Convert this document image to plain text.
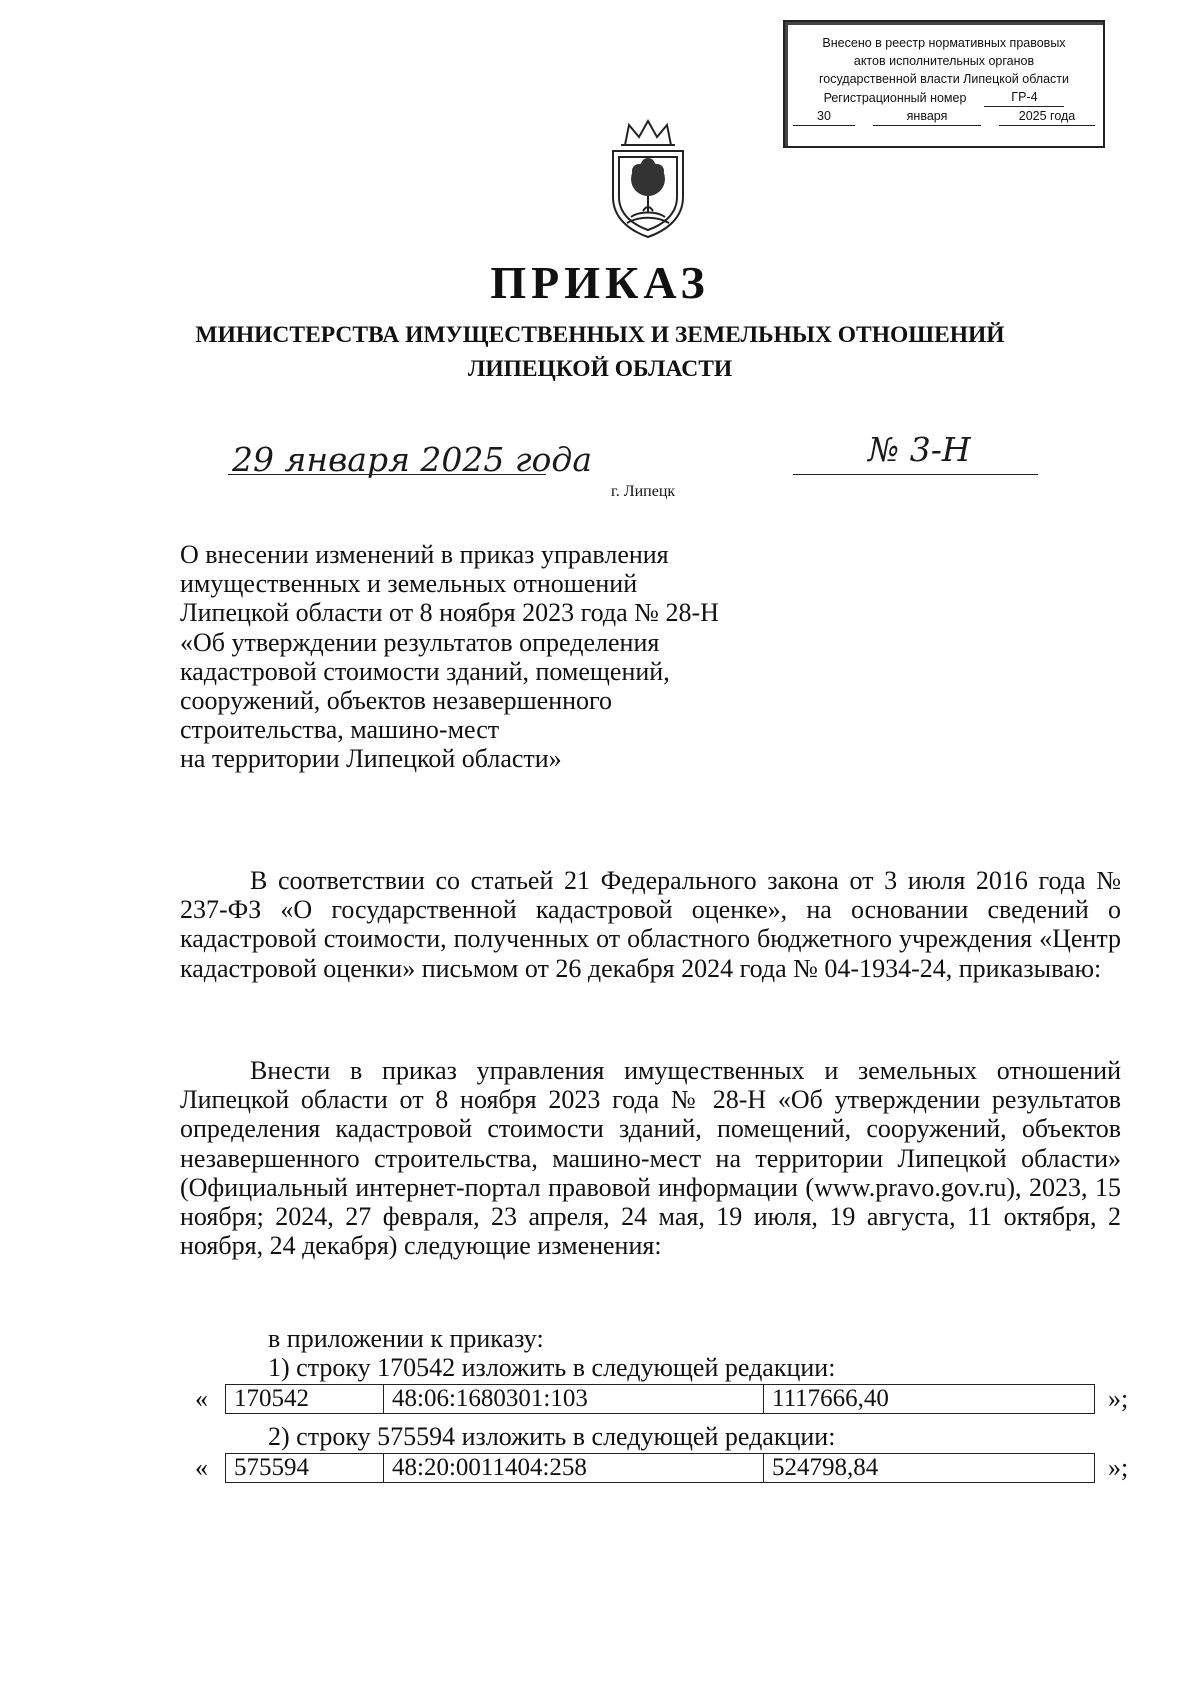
Внесено в реестр нормативных правовых
актов исполнительных органов
государственной власти Липецкой области
Регистрационный номер	ГР-4
30	января	2025 года
ПРИКАЗ
МИНИСТЕРСТВА ИМУЩЕСТВЕННЫХ И ЗЕМЕЛЬНЫХ ОТНОШЕНИЙ
ЛИПЕЦКОЙ ОБЛАСТИ
29 января 2025 года	№ 3-Н
г. Липецк
О внесении изменений в приказ управления
имущественных и земельных отношений
Липецкой области от 8 ноября 2023 года № 28-Н
«Об утверждении результатов определения
кадастровой стоимости зданий, помещений,
сооружений, объектов незавершенного
строительства, машино-мест
на территории Липецкой области»
В соответствии со статьей 21 Федерального закона от 3 июля 2016 года № 237-ФЗ «О государственной кадастровой оценке», на основании сведений о кадастровой стоимости, полученных от областного бюджетного учреждения «Центр кадастровой оценки» письмом от 26 декабря 2024 года № 04-1934-24, приказываю:
Внести в приказ управления имущественных и земельных отношений Липецкой области от 8 ноября 2023 года № 28-Н «Об утверждении результатов определения кадастровой стоимости зданий, помещений, сооружений, объектов незавершенного строительства, машино-мест на территории Липецкой области» (Официальный интернет-портал правовой информации (www.pravo.gov.ru), 2023, 15 ноября; 2024, 27 февраля, 23 апреля, 24 мая, 19 июля, 19 августа, 11 октября, 2 ноября, 24 декабря) следующие изменения:
в приложении к приказу:
1) строку 170542 изложить в следующей редакции:
«	170542	48:06:1680301:103	1117666,40	»;
2) строку 575594 изложить в следующей редакции:
«	575594	48:20:0011404:258	524798,84	»;
